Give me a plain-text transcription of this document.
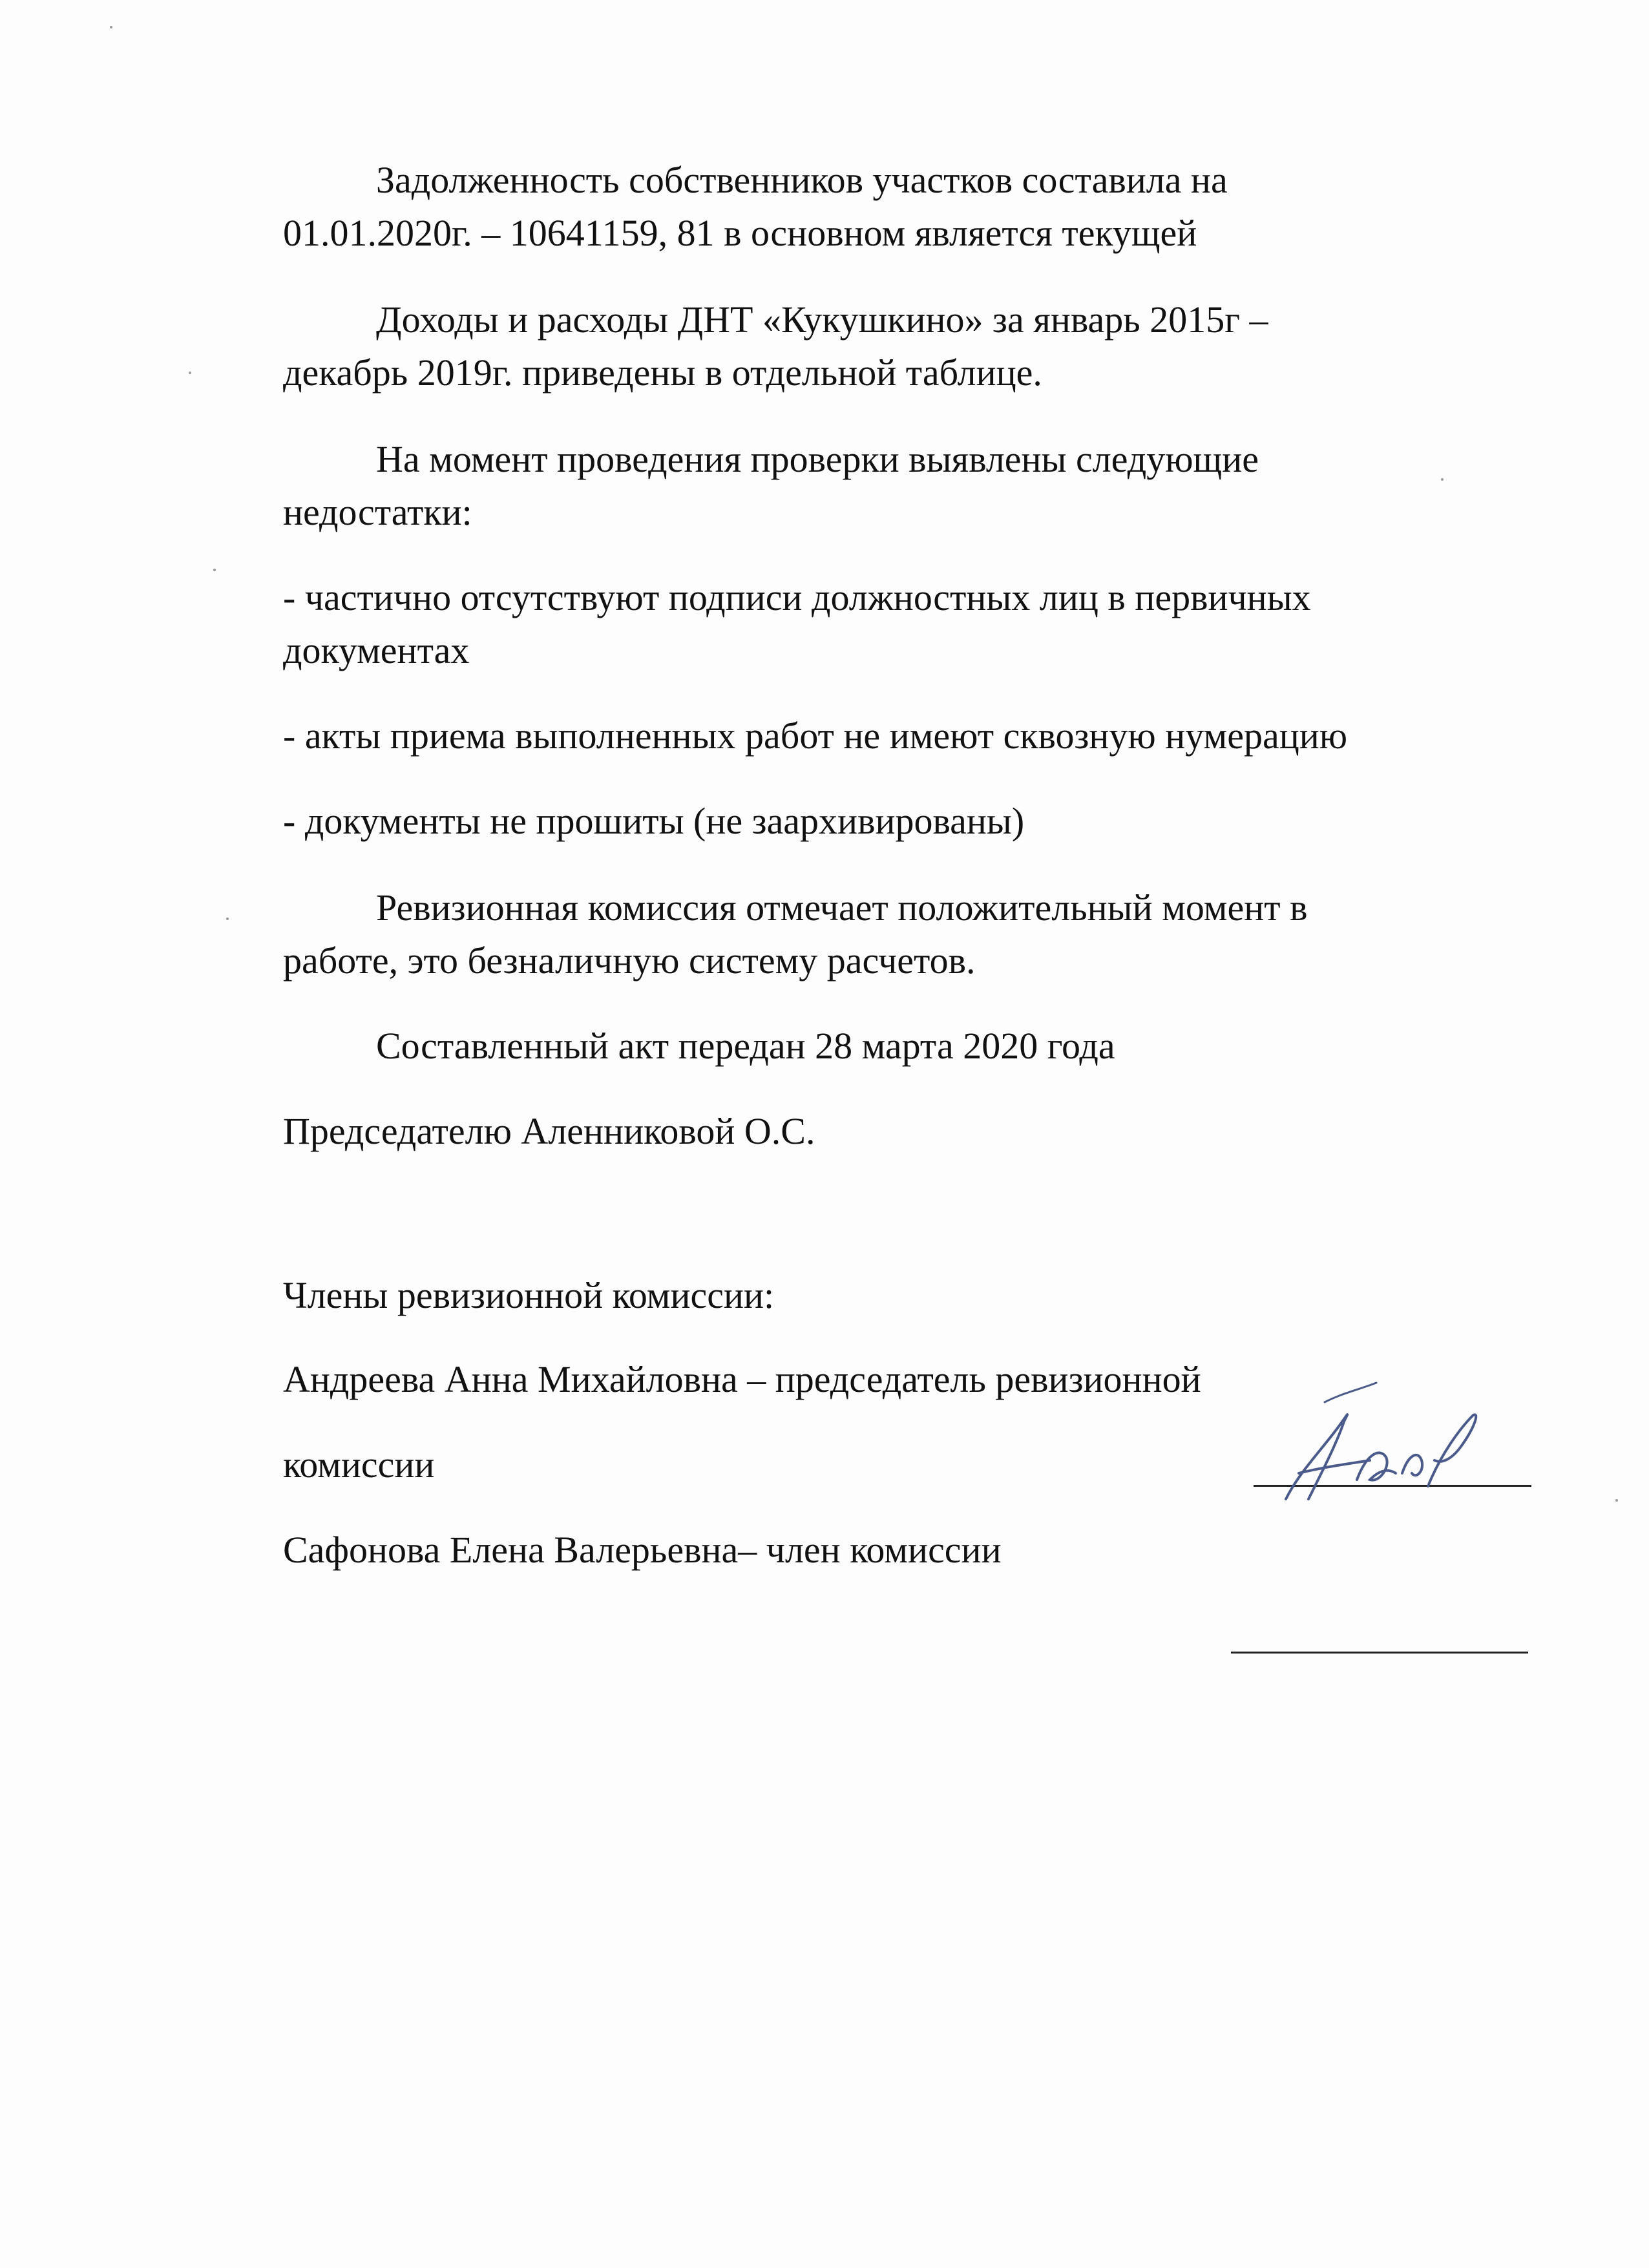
Задолженность собственников участков составила на

01.01.2020г. – 10641159, 81 в основном является текущей

Доходы и расходы ДНТ «Кукушкино» за январь 2015г –

декабрь 2019г. приведены в отдельной таблице.

На момент проведения проверки выявлены следующие

недостатки:

- частично отсутствуют подписи должностных лиц в первичных

документах

- акты приема выполненных работ не имеют сквозную нумерацию

- документы не прошиты (не заархивированы)

Ревизионная комиссия отмечает положительный момент в

работе, это безналичную систему расчетов.

Составленный акт передан 28 марта 2020 года

Председателю Аленниковой О.С.

Члены ревизионной комиссии:

Андреева Анна Михайловна – председатель ревизионной

комиссии

Сафонова Елена Валерьевна– член комиссии
